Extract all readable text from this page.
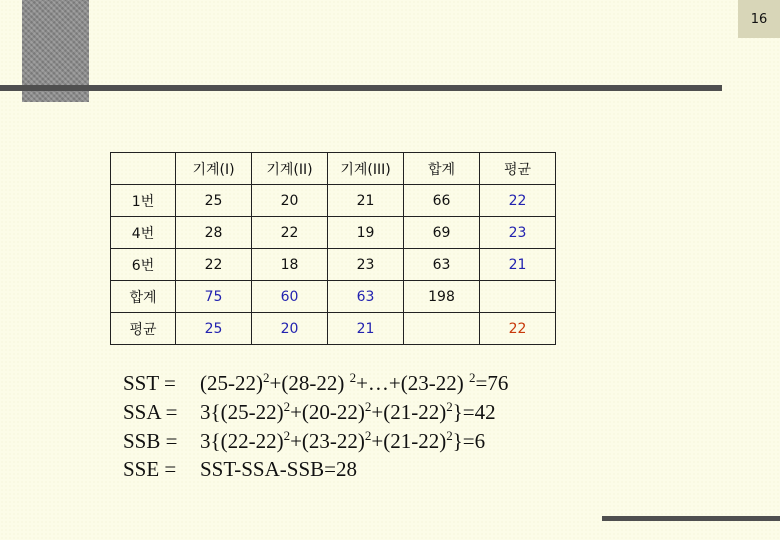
16
	기계(I)	기계(II)	기계(III)	합계	평균
1번	25	20	21	66	22
4번	28	22	19	69	23
6번	22	18	23	63	21
합계	75	60	63	198	
평균	25	20	21		22
SST =	$(25-22)^2+(28-22)$ $^2$+…+(23-22) $^2$=76
SSA =	$3\{(25-22)^2+(20-22)^2+(21-22)^2\}=42$
SSB =	$3\{(22-22)^2+(23-22)^2+(21-22)^2\}=6$
SSE =	SST-SSA-SSB=28
